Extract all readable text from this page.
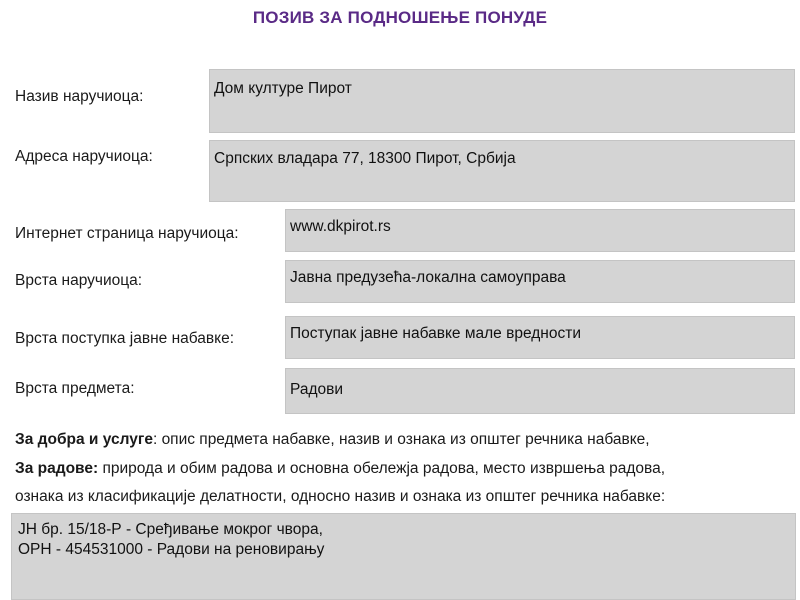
ПОЗИВ ЗА ПОДНОШЕЊЕ ПОНУДЕ
Назив наручиоца:	Дом културе Пирот
Адреса наручиоца:	Српских владара 77, 18300 Пирот, Србија
Интернет страница наручиоца:	www.dkpirot.rs
Врста наручиоца:	Јавна предузећа-локална самоуправа
Врста поступка јавне набавке:	Поступак јавне набавке мале вредности
Врста предмета:	Радови
За добра и услуге: опис предмета набавке, назив и ознака из општег речника набавке,
За радове: природа и обим радова и основна обележја радова, место извршења радова,
ознака из класификације делатности, односно назив и ознака из општег речника набавке:
ЈН бр. 15/18-Р - Сређивање мокрог чвора,
ОРН - 454531000 - Радови на реновирању
